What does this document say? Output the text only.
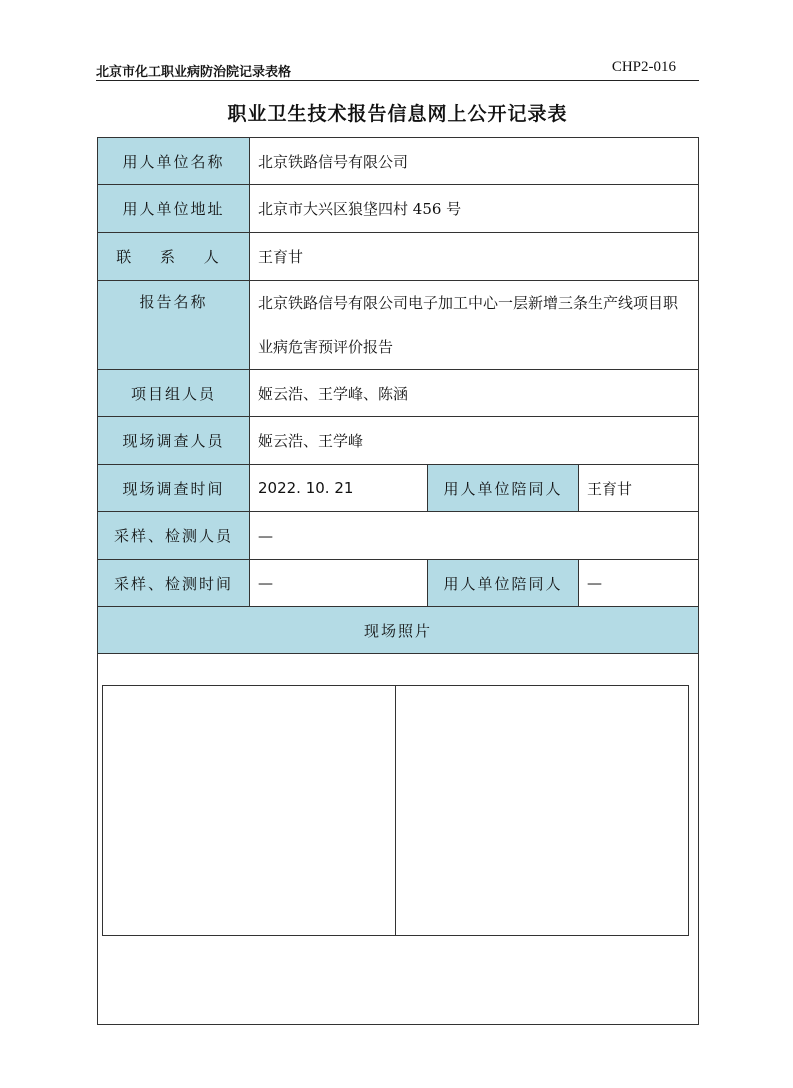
北京市化工职业病防治院记录表格	CHP2-016
职业卫生技术报告信息网上公开记录表
用人单位名称	北京铁路信号有限公司		
用人单位地址	北京市大兴区狼垡四村 456 号		
联 系 人	王育甘		
报告名称	北京铁路信号有限公司电子加工中心一层新增三条生产线项目职业病危害预评价报告		
项目组人员	姬云浩、王学峰、陈涵		
现场调查人员	姬云浩、王学峰		
现场调查时间	2022. 10. 21	用人单位陪同人	王育甘
采样、检测人员	—		
采样、检测时间	—	用人单位陪同人	—
现场照片			
